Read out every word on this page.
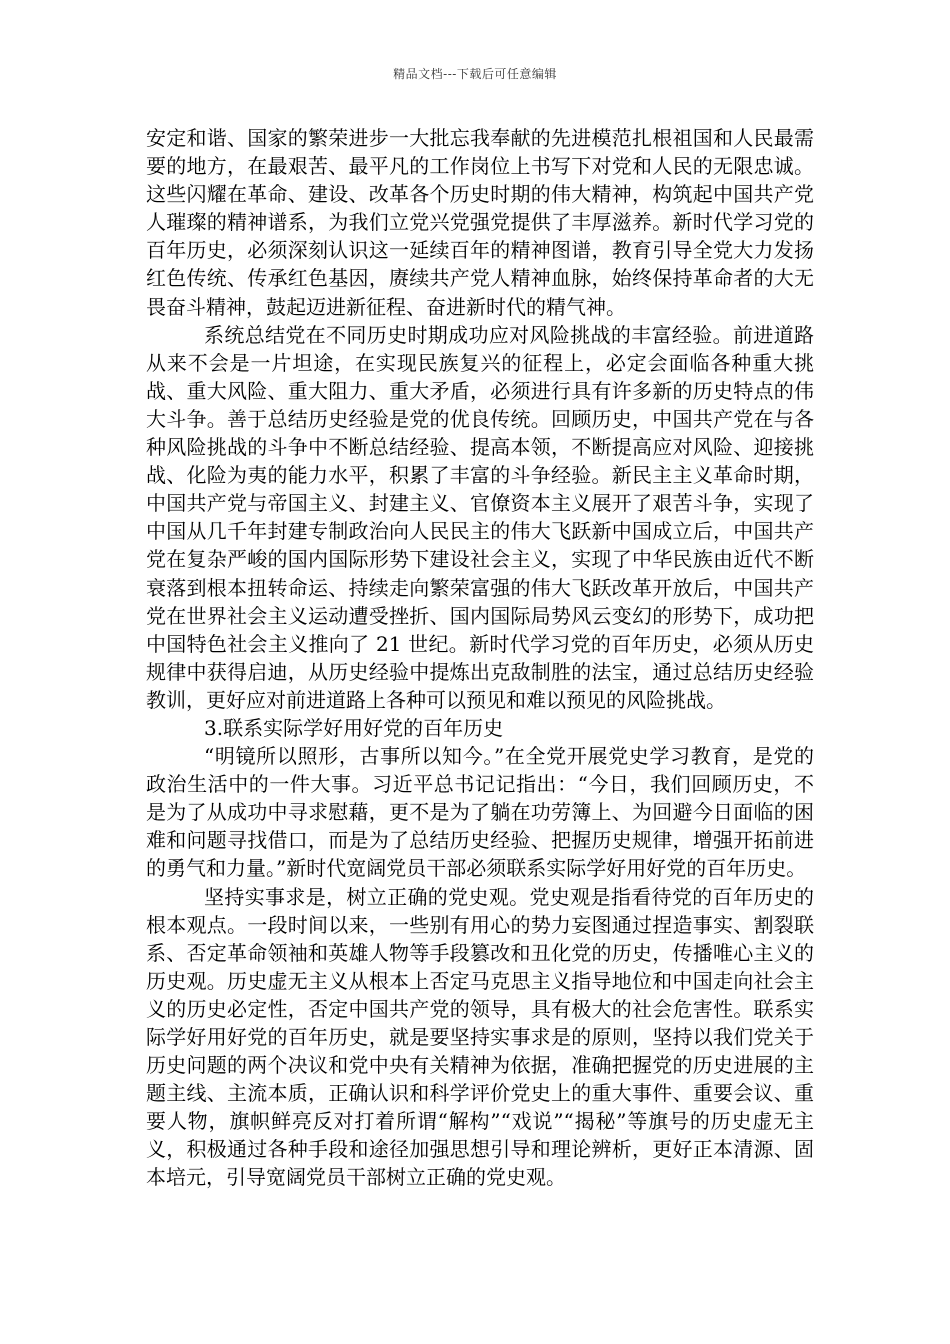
精品文档---下载后可任意编辑

安定和谐、国家的繁荣进步一大批忘我奉献的先进模范扎根祖国和人民最需要的地方，在最艰苦、最平凡的工作岗位上书写下对党和人民的无限忠诚。这些闪耀在革命、建设、改革各个历史时期的伟大精神，构筑起中国共产党人璀璨的精神谱系，为我们立党兴党强党提供了丰厚滋养。新时代学习党的百年历史，必须深刻认识这一延续百年的精神图谱，教育引导全党大力发扬红色传统、传承红色基因，赓续共产党人精神血脉，始终保持革命者的大无畏奋斗精神，鼓起迈进新征程、奋进新时代的精气神。

系统总结党在不同历史时期成功应对风险挑战的丰富经验。前进道路从来不会是一片坦途，在实现民族复兴的征程上，必定会面临各种重大挑战、重大风险、重大阻力、重大矛盾，必须进行具有许多新的历史特点的伟大斗争。善于总结历史经验是党的优良传统。回顾历史，中国共产党在与各种风险挑战的斗争中不断总结经验、提高本领，不断提高应对风险、迎接挑战、化险为夷的能力水平，积累了丰富的斗争经验。新民主主义革命时期，中国共产党与帝国主义、封建主义、官僚资本主义展开了艰苦斗争，实现了中国从几千年封建专制政治向人民民主的伟大飞跃新中国成立后，中国共产党在复杂严峻的国内国际形势下建设社会主义，实现了中华民族由近代不断衰落到根本扭转命运、持续走向繁荣富强的伟大飞跃改革开放后，中国共产党在世界社会主义运动遭受挫折、国内国际局势风云变幻的形势下，成功把中国特色社会主义推向了 21 世纪。新时代学习党的百年历史，必须从历史规律中获得启迪，从历史经验中提炼出克敌制胜的法宝，通过总结历史经验教训，更好应对前进道路上各种可以预见和难以预见的风险挑战。

3.联系实际学好用好党的百年历史

“明镜所以照形，古事所以知今。”在全党开展党史学习教育，是党的政治生活中的一件大事。习近平总书记记指出：“今日，我们回顾历史，不是为了从成功中寻求慰藉，更不是为了躺在功劳簿上、为回避今日面临的困难和问题寻找借口，而是为了总结历史经验、把握历史规律，增强开拓前进的勇气和力量。”新时代宽阔党员干部必须联系实际学好用好党的百年历史。

坚持实事求是，树立正确的党史观。党史观是指看待党的百年历史的根本观点。一段时间以来，一些别有用心的势力妄图通过捏造事实、割裂联系、否定革命领袖和英雄人物等手段篡改和丑化党的历史，传播唯心主义的历史观。历史虚无主义从根本上否定马克思主义指导地位和中国走向社会主义的历史必定性，否定中国共产党的领导，具有极大的社会危害性。联系实际学好用好党的百年历史，就是要坚持实事求是的原则，坚持以我们党关于历史问题的两个决议和党中央有关精神为依据，准确把握党的历史进展的主题主线、主流本质，正确认识和科学评价党史上的重大事件、重要会议、重要人物，旗帜鲜亮反对打着所谓“解构”“戏说”“揭秘”等旗号的历史虚无主义，积极通过各种手段和途径加强思想引导和理论辨析，更好正本清源、固本培元，引导宽阔党员干部树立正确的党史观。
